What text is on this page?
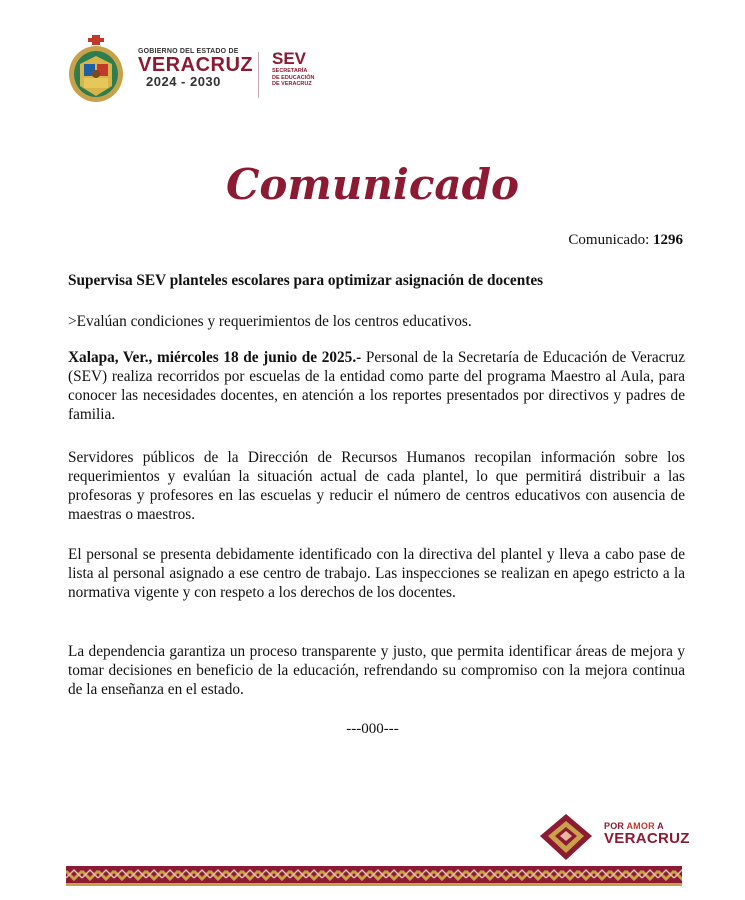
GOBIERNO DEL ESTADO DE
VERACRUZ
2024 - 2030
SEV
SECRETARÍA
DE EDUCACIÓN
DE VERACRUZ
Comunicado
Comunicado: 1296
Supervisa SEV planteles escolares para optimizar asignación de docentes
>Evalúan condiciones y requerimientos de los centros educativos.
Xalapa, Ver., miércoles 18 de junio de 2025.- Personal de la Secretaría de Educación de Veracruz (SEV) realiza recorridos por escuelas de la entidad como parte del programa Maestro al Aula, para conocer las necesidades docentes, en atención a los reportes presentados por directivos y padres de familia.
Servidores públicos de la Dirección de Recursos Humanos recopilan información sobre los requerimientos y evalúan la situación actual de cada plantel, lo que permitirá distribuir a las profesoras y profesores en las escuelas y reducir el número de centros educativos con ausencia de maestras o maestros.
El personal se presenta debidamente identificado con la directiva del plantel y lleva a cabo pase de lista al personal asignado a ese centro de trabajo. Las inspecciones se realizan en apego estricto a la normativa vigente y con respeto a los derechos de los docentes.
La dependencia garantiza un proceso transparente y justo, que permita identificar áreas de mejora y tomar decisiones en beneficio de la educación, refrendando su compromiso con la mejora continua de la enseñanza en el estado.
---000---
POR AMOR A
VERACRUZ
